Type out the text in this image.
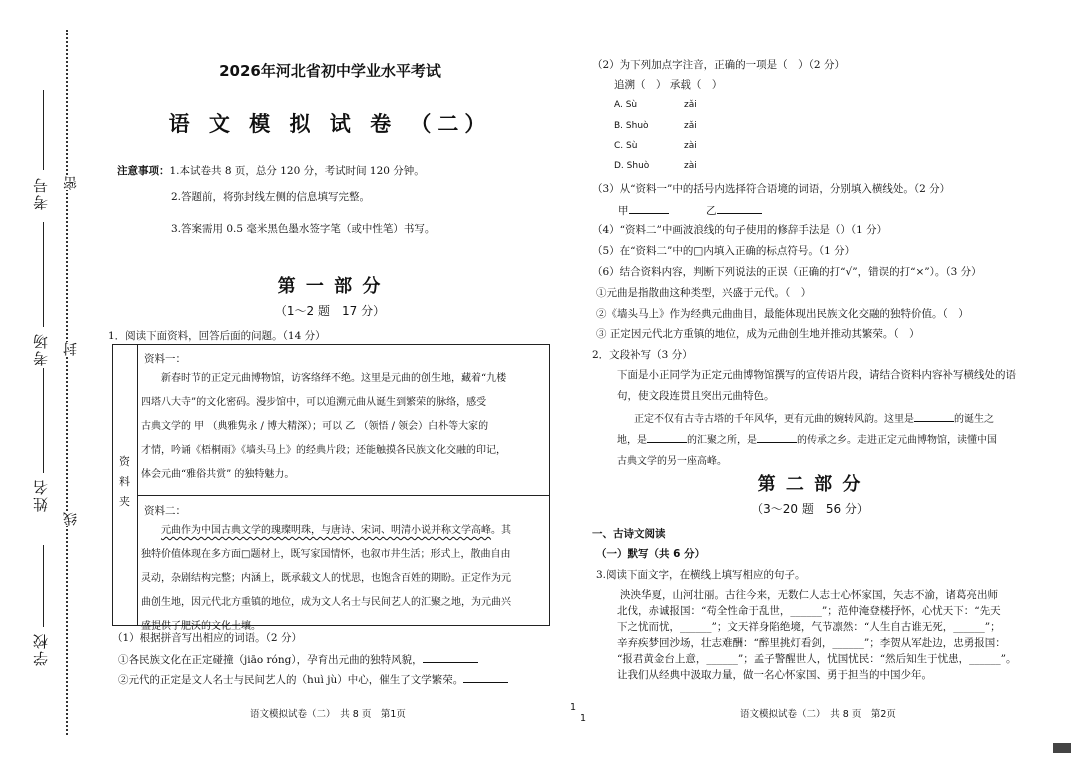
考号
考场
姓名
学校
密
封
线
2026年河北省初中学业水平考试
语 文 模 拟 试 卷 （二）
注意事项：1.本试卷共 8 页，总分 120 分，考试时间 120 分钟。
2.答题前，将弥封线左侧的信息填写完整。
3.答案需用 0.5 毫米黑色墨水签字笔（或中性笔）书写。
第 一 部 分
（1～2 题　17 分）
1．阅读下面资料，回答后面的问题。（14 分）
资
料
夹
资料一：
新春时节的正定元曲博物馆，访客络绎不绝。这里是元曲的创生地，藏着“九楼
四塔八大寺”的文化密码。漫步馆中，可以追溯元曲从诞生到繁荣的脉络，感受
古典文学的 甲 （典雅隽永 / 博大精深）；可以 乙 （领悟 / 领会）白朴等大家的
才情，吟诵《梧桐雨》《墙头马上》的经典片段；还能触摸各民族文化交融的印记，
体会元曲“雅俗共赏” 的独特魅力。
资料二：
元曲作为中国古典文学的瑰璨明珠，与唐诗、宋词、明清小说并称文学高峰。其
独特价值体现在多方面□题材上，既写家国情怀，也叙市井生活；形式上，散曲自由
灵动，杂剧结构完整；内涵上，既承载文人的忧思，也饱含百姓的期盼。正定作为元
曲创生地，因元代北方重镇的地位，成为文人名士与民间艺人的汇聚之地，为元曲兴
盛提供了肥沃的文化土壤。
（1）根据拼音写出相应的词语。（2 分）
①各民族文化在正定碰撞（jiāo róng），孕育出元曲的独特风貌，
②元代的正定是文人名士与民间艺人的（huì jù）中心，催生了文学繁荣。
语文模拟试卷（二）　共 8 页　第1页
1
1	语文模拟试卷（二）　共 8 页　第2页
（2）为下列加点字注音，正确的一项是（　）（2 分）
追溯（　） 承载（　）
A. Sù	zǎi
B. Shuò	zǎi
C. Sù	zài
D. Shuò	zài
（3）从“资料一”中的括号内选择符合语境的词语，分别填入横线处。（2 分）
甲	乙
（4）“资料二”中画波浪线的句子使用的修辞手法是（）（1 分）
（5）在“资料二”中的□内填入正确的标点符号。（1 分）
（6）结合资料内容，判断下列说法的正误（正确的打“√”，错误的打“×”）。（3 分）
①元曲是指散曲这种类型，兴盛于元代。（　）
②《墙头马上》作为经典元曲曲目，最能体现出民族文化交融的独特价值。（　）
③ 正定因元代北方重镇的地位，成为元曲创生地并推动其繁荣。（　）
2．文段补写（3 分）
下面是小正同学为正定元曲博物馆撰写的宣传语片段，请结合资料内容补写横线处的语
句，使文段连贯且突出元曲特色。
正定不仅有古寺古塔的千年风华，更有元曲的婉转风韵。这里是	的诞生之
地，是	的汇聚之所，是	的传承之乡。走进正定元曲博物馆，读懂中国
古典文学的另一座高峰。
第 二 部 分
（3～20 题　56 分）
一、古诗文阅读
（一）默写（共 6 分）
3.阅读下面文字，在横线上填写相应的句子。
泱泱华夏，山河壮丽。古往今来，无数仁人志士心怀家国，矢志不渝，诸葛亮出师
北伐，赤诚报国：“苟全性命于乱世，______”；范仲淹登楼抒怀，心忧天下：“先天
下之忧而忧，______”；文天祥身陷绝境，气节凛然：“人生自古谁无死，______”；
辛弃疾梦回沙场，壮志难酬：“醉里挑灯看剑，______”；李贺从军赴边，忠勇报国：
“报君黄金台上意，______”；孟子警醒世人，忧国忧民：“然后知生于忧患，______”。
让我们从经典中汲取力量，做一名心怀家国、勇于担当的中国少年。
